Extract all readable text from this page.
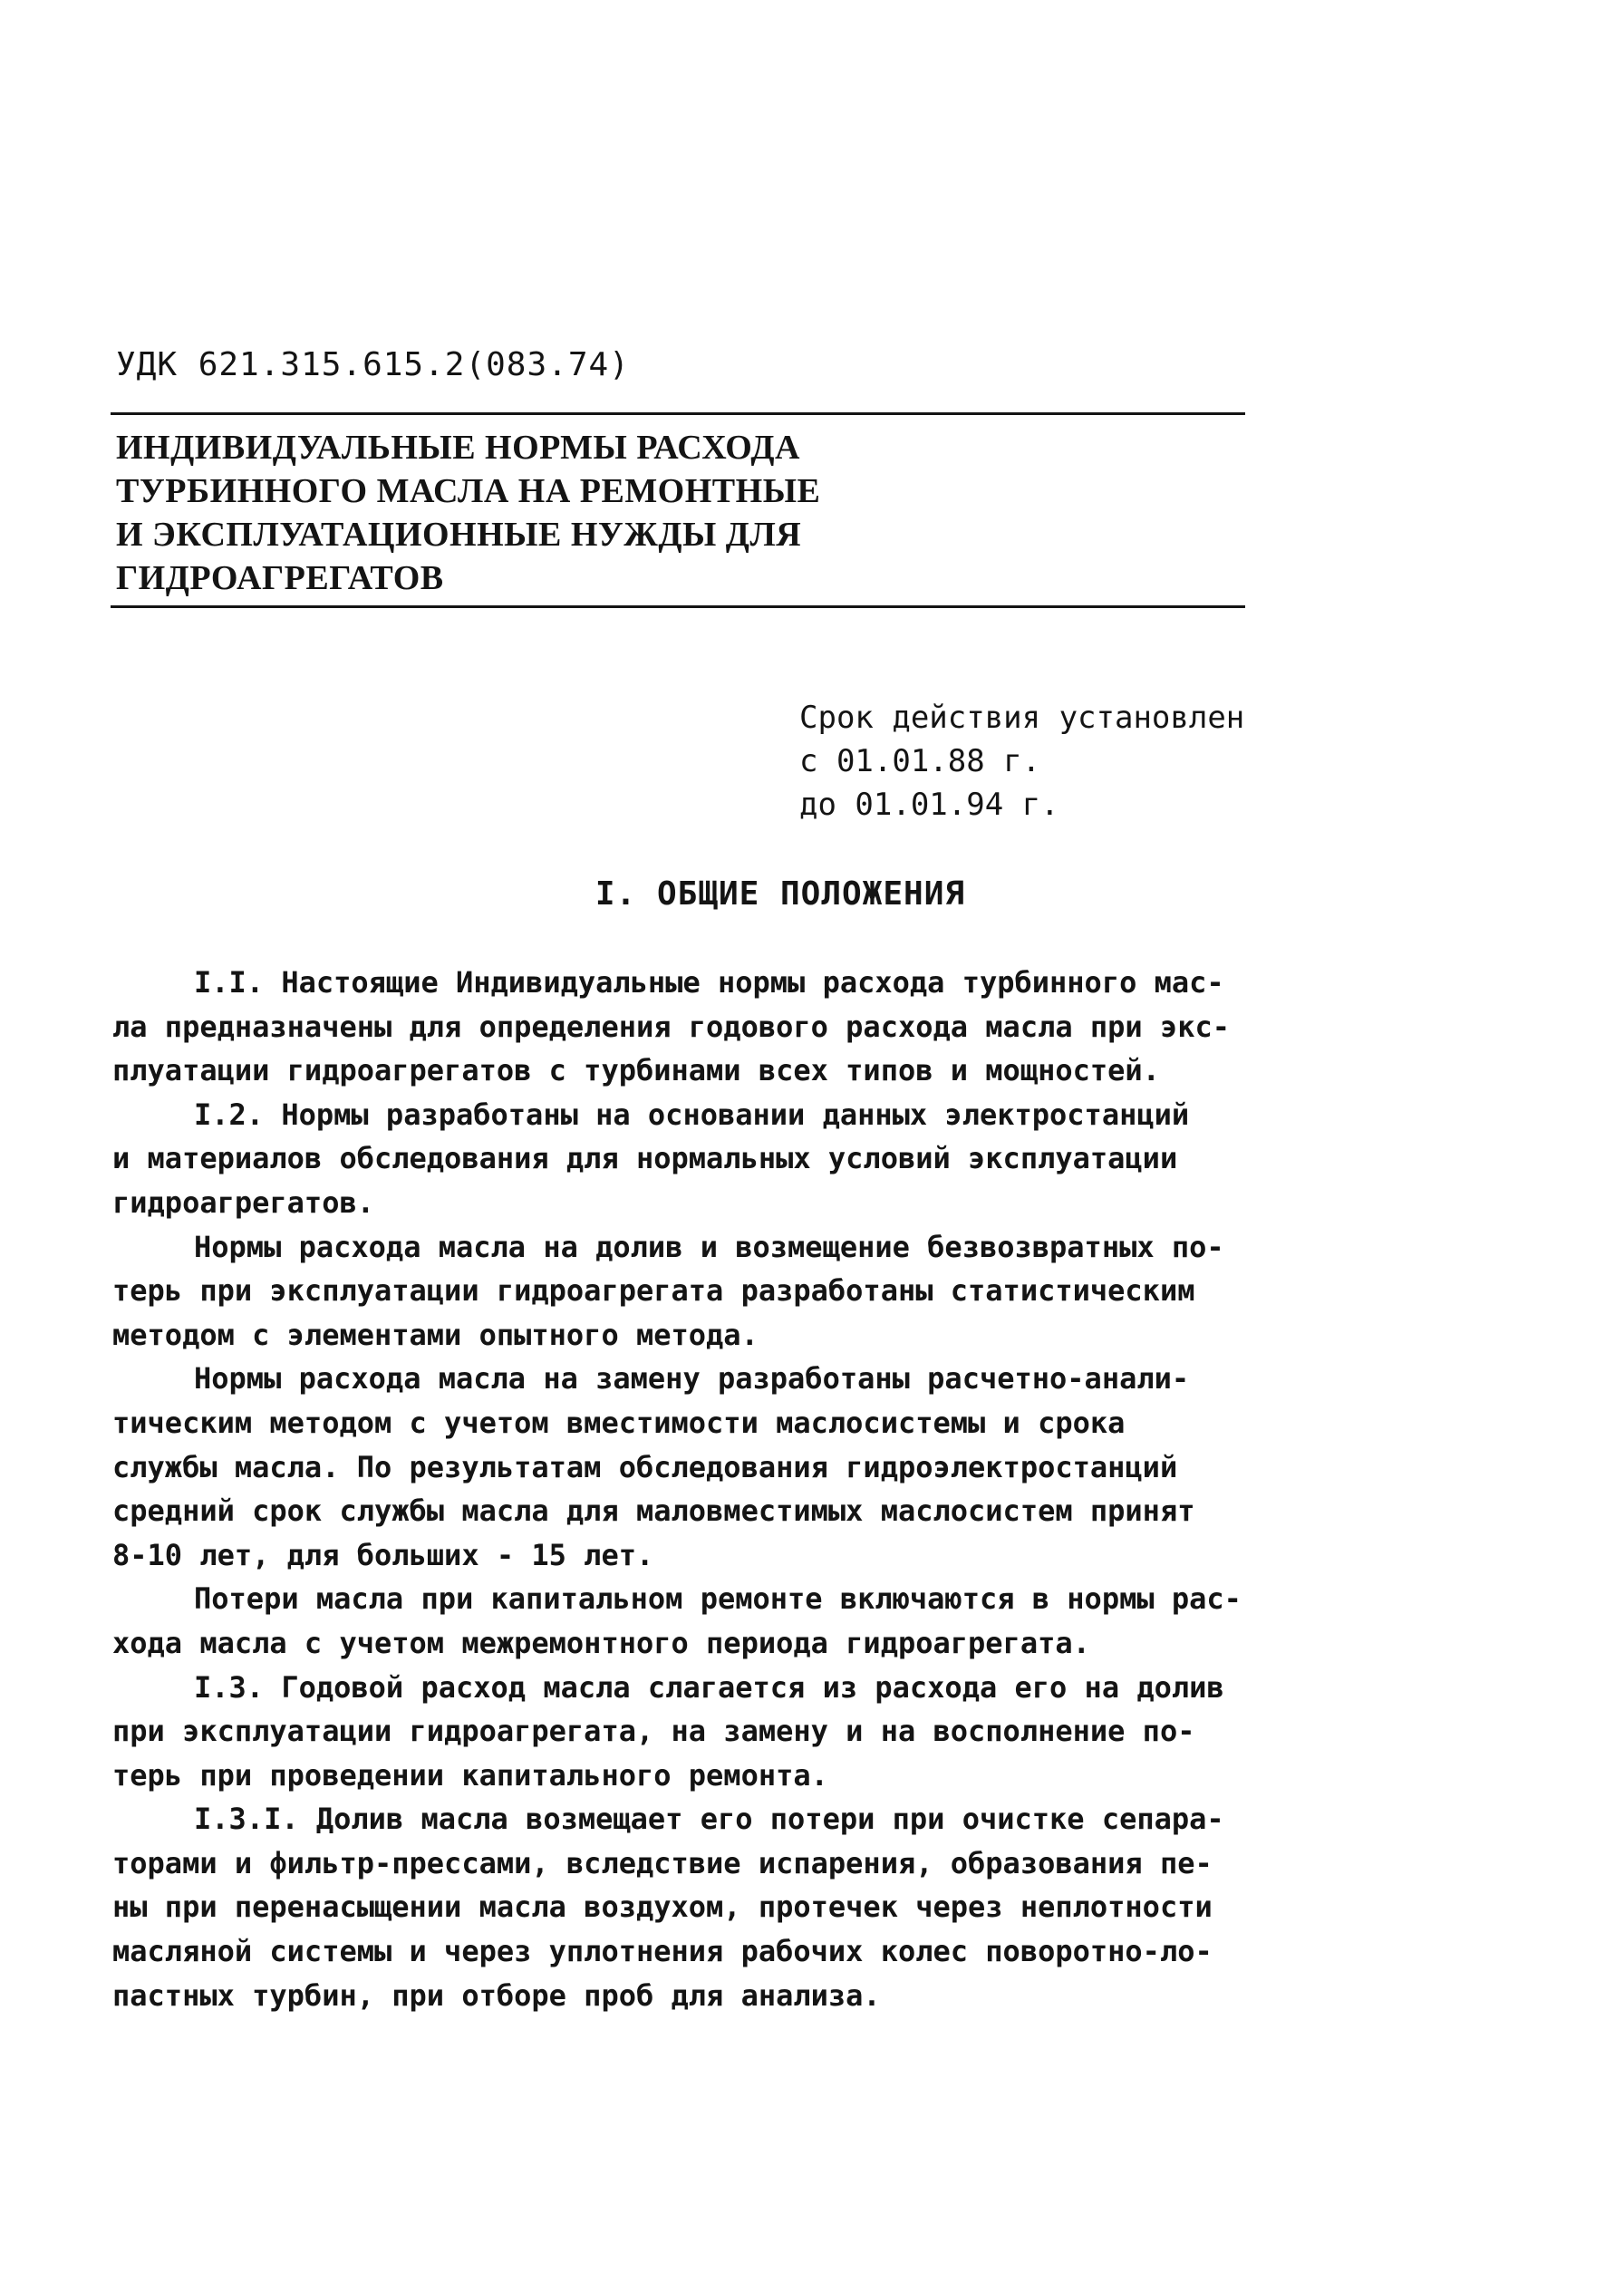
УДК 621.315.615.2(083.74)
ИНДИВИДУАЛЬНЫЕ НОРМЫ РАСХОДА
ТУРБИННОГО МАСЛА НА РЕМОНТНЫЕ
И ЭКСПЛУАТАЦИОННЫЕ НУЖДЫ ДЛЯ
ГИДРОАГРЕГАТОВ
Срок действия установлен
с 01.01.88 г.
до 01.01.94 г.
I. ОБЩИЕ ПОЛОЖЕНИЯ
I.I. Настоящие Индивидуальные нормы расхода турбинного мас-
ла предназначены для определения годового расхода масла при экс-
плуатации гидроагрегатов с турбинами всех типов и мощностей.
I.2. Нормы разработаны на основании данных электростанций
и материалов обследования для нормальных условий эксплуатации
гидроагрегатов.
Нормы расхода масла на долив и возмещение безвозвратных по-
терь при эксплуатации гидроагрегата разработаны статистическим
методом с элементами опытного метода.
Нормы расхода масла на замену разработаны расчетно-анали-
тическим методом с учетом вместимости маслосистемы и срока
службы масла. По результатам обследования гидроэлектростанций
средний срок службы масла для маловместимых маслосистем принят
8-10 лет, для больших - 15 лет.
Потери масла при капитальном ремонте включаются в нормы рас-
хода масла с учетом межремонтного периода гидроагрегата.
I.3. Годовой расход масла слагается из расхода его на долив
при эксплуатации гидроагрегата, на замену и на восполнение по-
терь при проведении капитального ремонта.
I.3.I. Долив масла возмещает его потери при очистке сепара-
торами и фильтр-прессами, вследствие испарения, образования пе-
ны при перенасыщении масла воздухом, протечек через неплотности
масляной системы и через уплотнения рабочих колес поворотно-ло-
пастных турбин, при отборе проб для анализа.
